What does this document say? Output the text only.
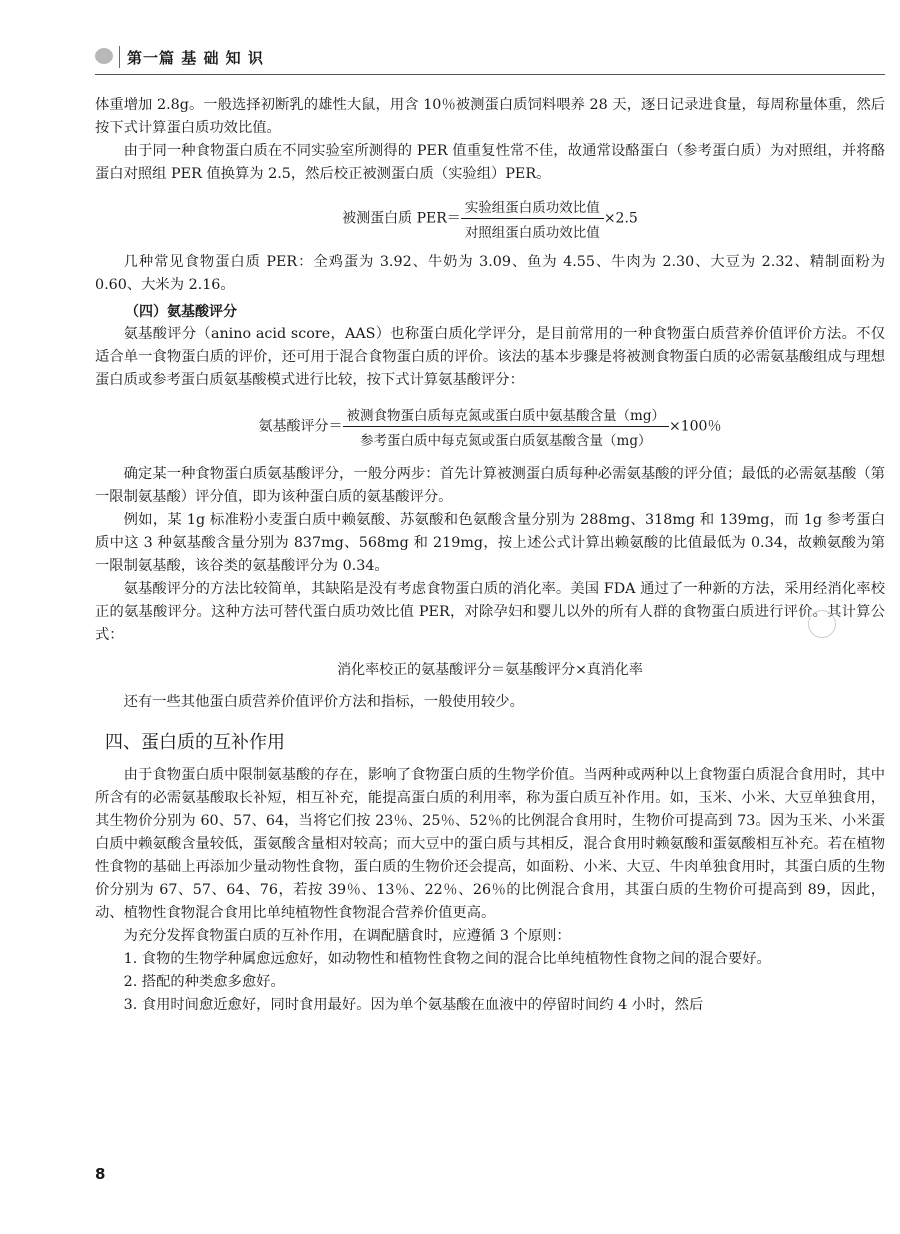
第一篇 基 础 知 识

体重增加 2.8g。一般选择初断乳的雄性大鼠，用含 10％被测蛋白质饲料喂养 28 天，逐日记录进食量，每周称量体重，然后按下式计算蛋白质功效比值。

由于同一种食物蛋白质在不同实验室所测得的 PER 值重复性常不佳，故通常设酪蛋白（参考蛋白质）为对照组，并将酪蛋白对照组 PER 值换算为 2.5，然后校正被测蛋白质（实验组）PER。

被测蛋白质 $PER= \frac{\text{实验组蛋白质功效比值}}{\text{对照组蛋白质功效比值}} \times 2.5$

几种常见食物蛋白质 PER：全鸡蛋为 3.92、牛奶为 3.09、鱼为 4.55、牛肉为 2.30、大豆为 2.32、精制面粉为 0.60、大米为 2.16。

（四）氨基酸评分

氨基酸评分（anino acid score，AAS）也称蛋白质化学评分，是目前常用的一种食物蛋白质营养价值评价方法。不仅适合单一食物蛋白质的评价，还可用于混合食物蛋白质的评价。该法的基本步骤是将被测食物蛋白质的必需氨基酸组成与理想蛋白质或参考蛋白质氨基酸模式进行比较，按下式计算氨基酸评分：

氨基酸评分＝ $\frac{\text{被测食物蛋白质每克氮或蛋白质中氨基酸含量（mg）}}{\text{参考蛋白质中每克氮或蛋白质氨基酸含量（mg）}} \times 100$％

确定某一种食物蛋白质氨基酸评分，一般分两步：首先计算被测蛋白质每种必需氨基酸的评分值；最低的必需氨基酸（第一限制氨基酸）评分值，即为该种蛋白质的氨基酸评分。

例如，某 1g 标准粉小麦蛋白质中赖氨酸、苏氨酸和色氨酸含量分别为 288mg、318mg 和 139mg，而 1g 参考蛋白质中这 3 种氨基酸含量分别为 837mg、568mg 和 219mg，按上述公式计算出赖氨酸的比值最低为 0.34，故赖氨酸为第一限制氨基酸，该谷类的氨基酸评分为 0.34。

氨基酸评分的方法比较简单，其缺陷是没有考虑食物蛋白质的消化率。美国 FDA 通过了一种新的方法，采用经消化率校正的氨基酸评分。这种方法可替代蛋白质功效比值 PER，对除孕妇和婴儿以外的所有人群的食物蛋白质进行评价。其计算公式：

消化率校正的氨基酸评分＝氨基酸评分×真消化率

还有一些其他蛋白质营养价值评价方法和指标，一般使用较少。

四、蛋白质的互补作用

由于食物蛋白质中限制氨基酸的存在，影响了食物蛋白质的生物学价值。当两种或两种以上食物蛋白质混合食用时，其中所含有的必需氨基酸取长补短，相互补充，能提高蛋白质的利用率，称为蛋白质互补作用。如，玉米、小米、大豆单独食用，其生物价分别为 60、57、64，当将它们按 23％、25％、52％的比例混合食用时，生物价可提高到 73。因为玉米、小米蛋白质中赖氨酸含量较低，蛋氨酸含量相对较高；而大豆中的蛋白质与其相反，混合食用时赖氨酸和蛋氨酸相互补充。若在植物性食物的基础上再添加少量动物性食物，蛋白质的生物价还会提高，如面粉、小米、大豆、牛肉单独食用时，其蛋白质的生物价分别为 67、57、64、76，若按 39％、13％、22％、26％的比例混合食用，其蛋白质的生物价可提高到 89，因此，动、植物性食物混合食用比单纯植物性食物混合营养价值更高。

为充分发挥食物蛋白质的互补作用，在调配膳食时，应遵循 3 个原则：

1. 食物的生物学种属愈远愈好，如动物性和植物性食物之间的混合比单纯植物性食物之间的混合要好。

2. 搭配的种类愈多愈好。

3. 食用时间愈近愈好，同时食用最好。因为单个氨基酸在血液中的停留时间约 4 小时，然后

8
